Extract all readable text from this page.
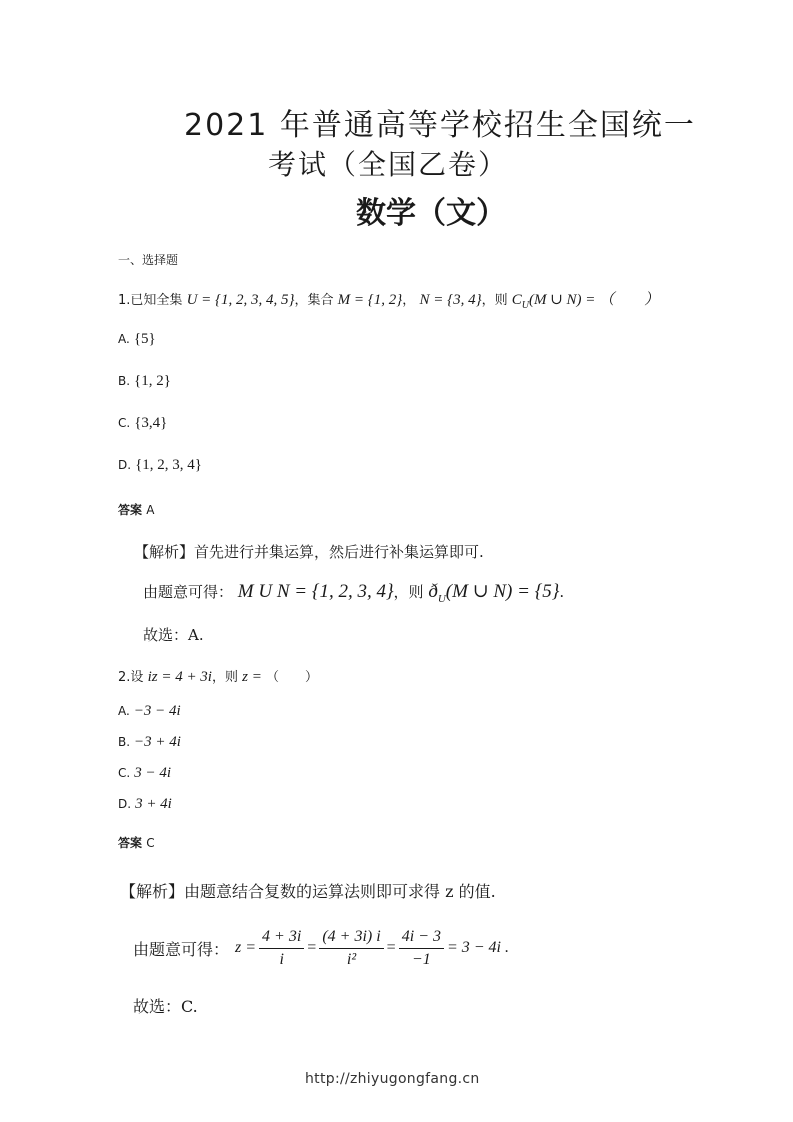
2021 年普通高等学校招生全国统一
考试（全国乙卷）
数学（文）
一、选择题
1.已知全集 U = {1, 2, 3, 4, 5}，集合 M = {1, 2}， N = {3, 4}，则 $C_U(M$ ∪ N) = （　　）
A. {5}
B. {1, 2}
C. {3,4}
D. {1, 2, 3, 4}
答案 A
【解析】首先进行并集运算，然后进行补集运算即可.
由题意可得： M U N = {1, 2, 3, 4}，则 $ð_U(M$ ∪ N) = {5}.
故选：A.
2.设 iz = 4 + 3i，则 z = （　　）
A. −3 − 4i
B. −3 + 4i
C. 3 − 4i
D. 3 + 4i
答案 C
【解析】由题意结合复数的运算法则即可求得 z 的值.
由题意可得： $z = \frac{4 + 3i}{i} = \frac{(4 + 3i) i}{\text{i²}} = \frac{4i - 3}{-1} = 3 - 4i$ .
故选：C.
http://zhiyugongfang.cn
